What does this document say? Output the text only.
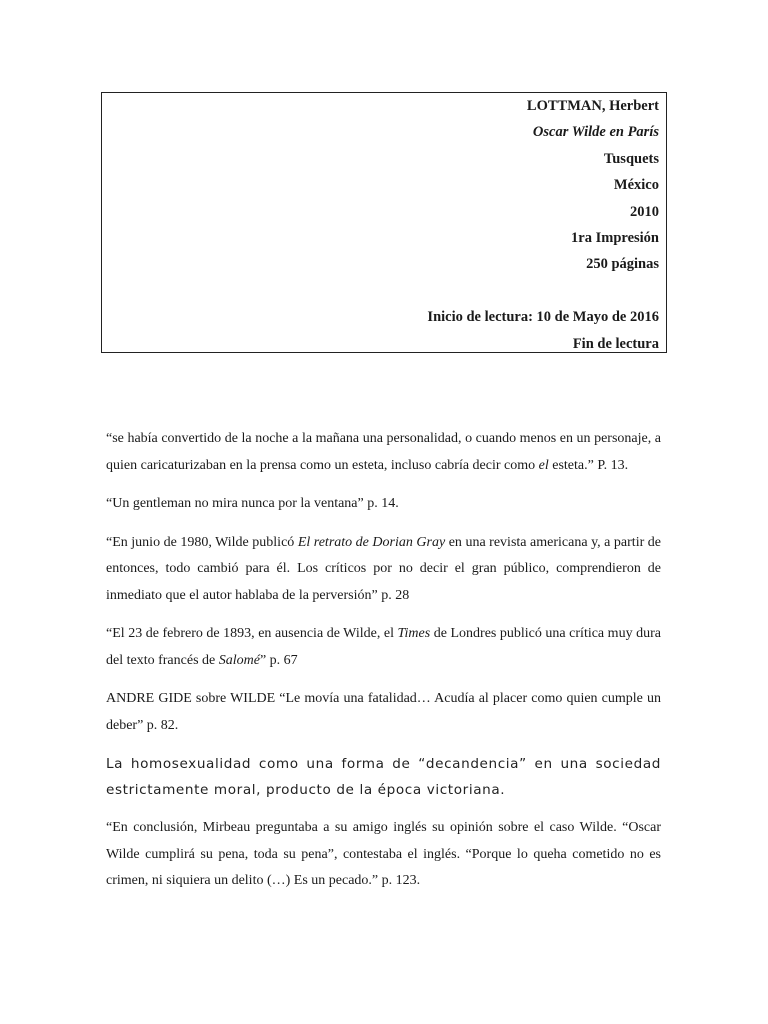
LOTTMAN, Herbert
Oscar Wilde en París
Tusquets
México
2010
1ra Impresión
250 páginas
Inicio de lectura: 10 de Mayo de 2016
Fin de lectura

“se había convertido de la noche a la mañana una personalidad, o cuando menos en un personaje, a quien caricaturizaban en la prensa como un esteta, incluso cabría decir como el esteta.” P. 13.

“Un gentleman no mira nunca por la ventana” p. 14.

“En junio de 1980, Wilde publicó El retrato de Dorian Gray en una revista americana y, a partir de entonces, todo cambió para él. Los críticos por no decir el gran público, comprendieron de inmediato que el autor hablaba de la perversión” p. 28

“El 23 de febrero de 1893, en ausencia de Wilde, el Times de Londres publicó una crítica muy dura del texto francés de Salomé” p. 67

ANDRE GIDE sobre WILDE “Le movía una fatalidad… Acudía al placer como quien cumple un deber” p. 82.

La homosexualidad como una forma de “decandencia” en una sociedad estrictamente moral, producto de la época victoriana.

“En conclusión, Mirbeau preguntaba a su amigo inglés su opinión sobre el caso Wilde. “Oscar Wilde cumplirá su pena, toda su pena”, contestaba el inglés. “Porque lo queha cometido no es crimen, ni siquiera un delito (…) Es un pecado.” p. 123.
